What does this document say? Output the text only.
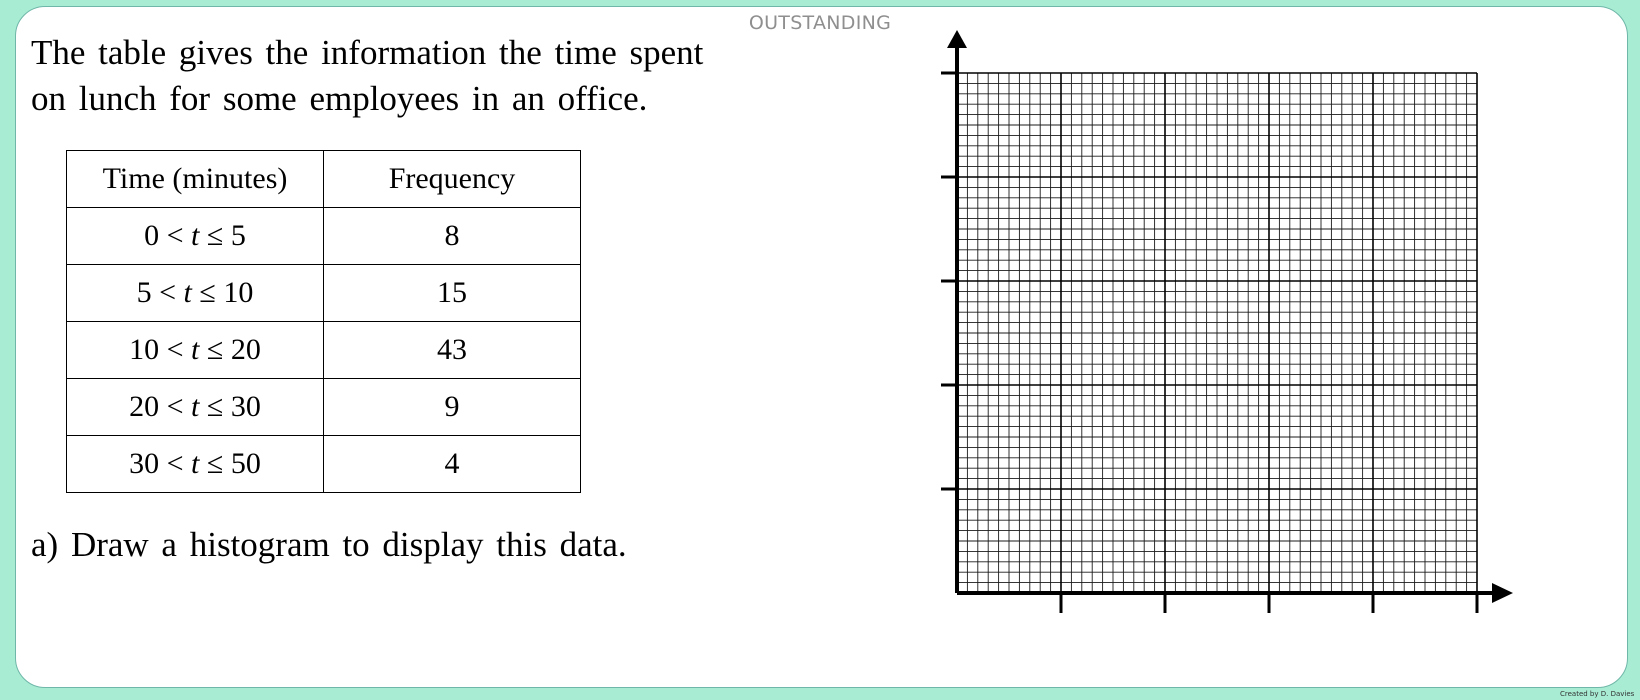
OUTSTANDING
The table gives the information the time spent on lunch for some employees in an office.
Time (minutes)	Frequency
0 < t ≤ 5	8
5 < t ≤ 10	15
10 < t ≤ 20	43
20 < t ≤ 30	9
30 < t ≤ 50	4
a) Draw a histogram to display this data.
Created by D. Davies
